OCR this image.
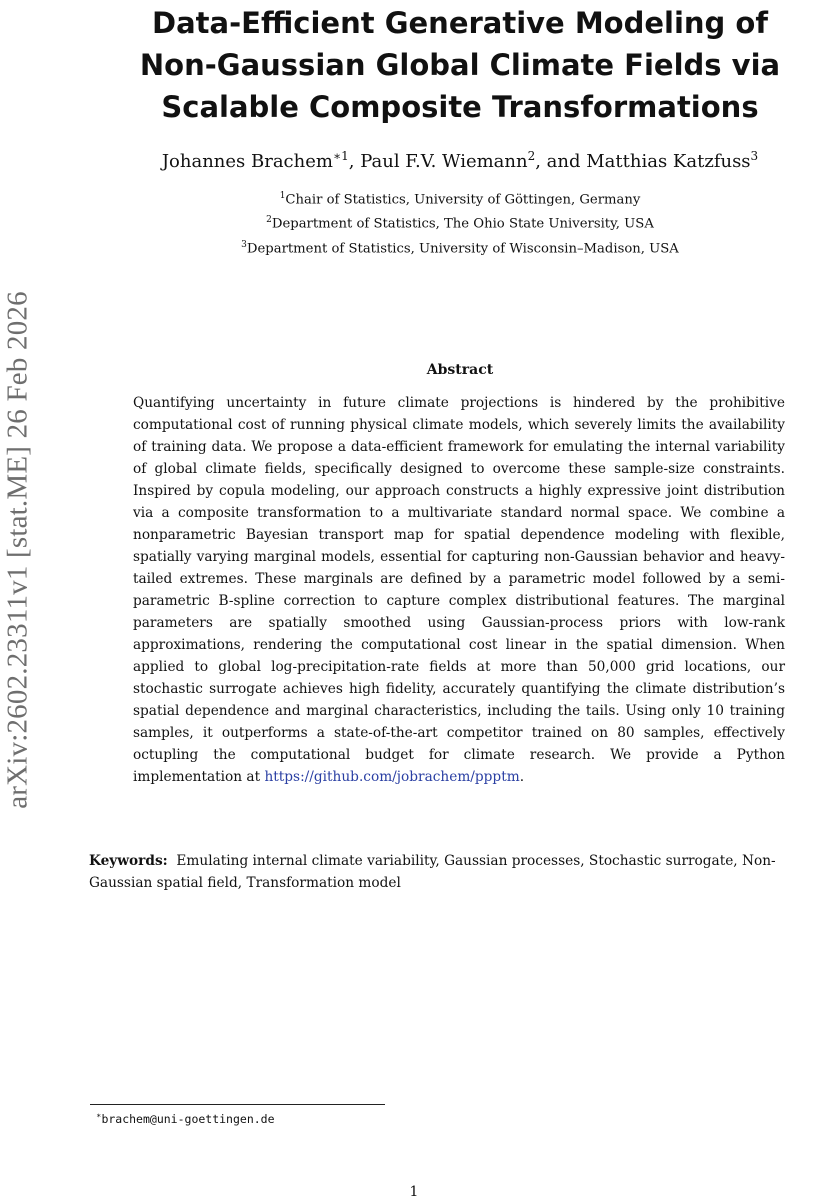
arXiv:2602.23311v1 [stat.ME] 26 Feb 2026
Data-Efficient Generative Modeling of
Non-Gaussian Global Climate Fields via
Scalable Composite Transformations
Johannes Brachem$^{∗1}$, Paul F.V. Wiemann$^2$, and Matthias Katzfuss$^3$
$^1$Chair of Statistics, University of Göttingen, Germany
$^2$Department of Statistics, The Ohio State University, USA
$^3$Department of Statistics, University of Wisconsin–Madison, USA
Abstract
Quantifying uncertainty in future climate projections is hindered by the prohibitive computational cost of running physical climate models, which severely limits the availability of training data. We propose a data-efficient framework for emulating the internal variability of global climate fields, specifically designed to overcome these sample-size constraints. Inspired by copula modeling, our approach constructs a highly expressive joint distribution via a composite transformation to a multivariate standard normal space. We combine a nonparametric Bayesian transport map for spatial dependence modeling with flexible, spatially varying marginal models, essential for capturing non-Gaussian behavior and heavy-tailed extremes. These marginals are defined by a parametric model followed by a semi-parametric B-spline correction to capture complex distributional features. The marginal parameters are spatially smoothed using Gaussian-process priors with low-rank approximations, rendering the computational cost linear in the spatial dimension. When applied to global log-precipitation-rate fields at more than 50,000 grid locations, our stochastic surrogate achieves high fidelity, accurately quantifying the climate distribution’s spatial dependence and marginal characteristics, including the tails. Using only 10 training samples, it outperforms a state-of-the-art competitor trained on 80 samples, effectively octupling the computational budget for climate research. We provide a Python implementation at https://github.com/jobrachem/ppptm.
Keywords: Emulating internal climate variability, Gaussian processes, Stochastic surrogate, Non-Gaussian spatial field, Transformation model
∗brachem@uni-goettingen.de
1
